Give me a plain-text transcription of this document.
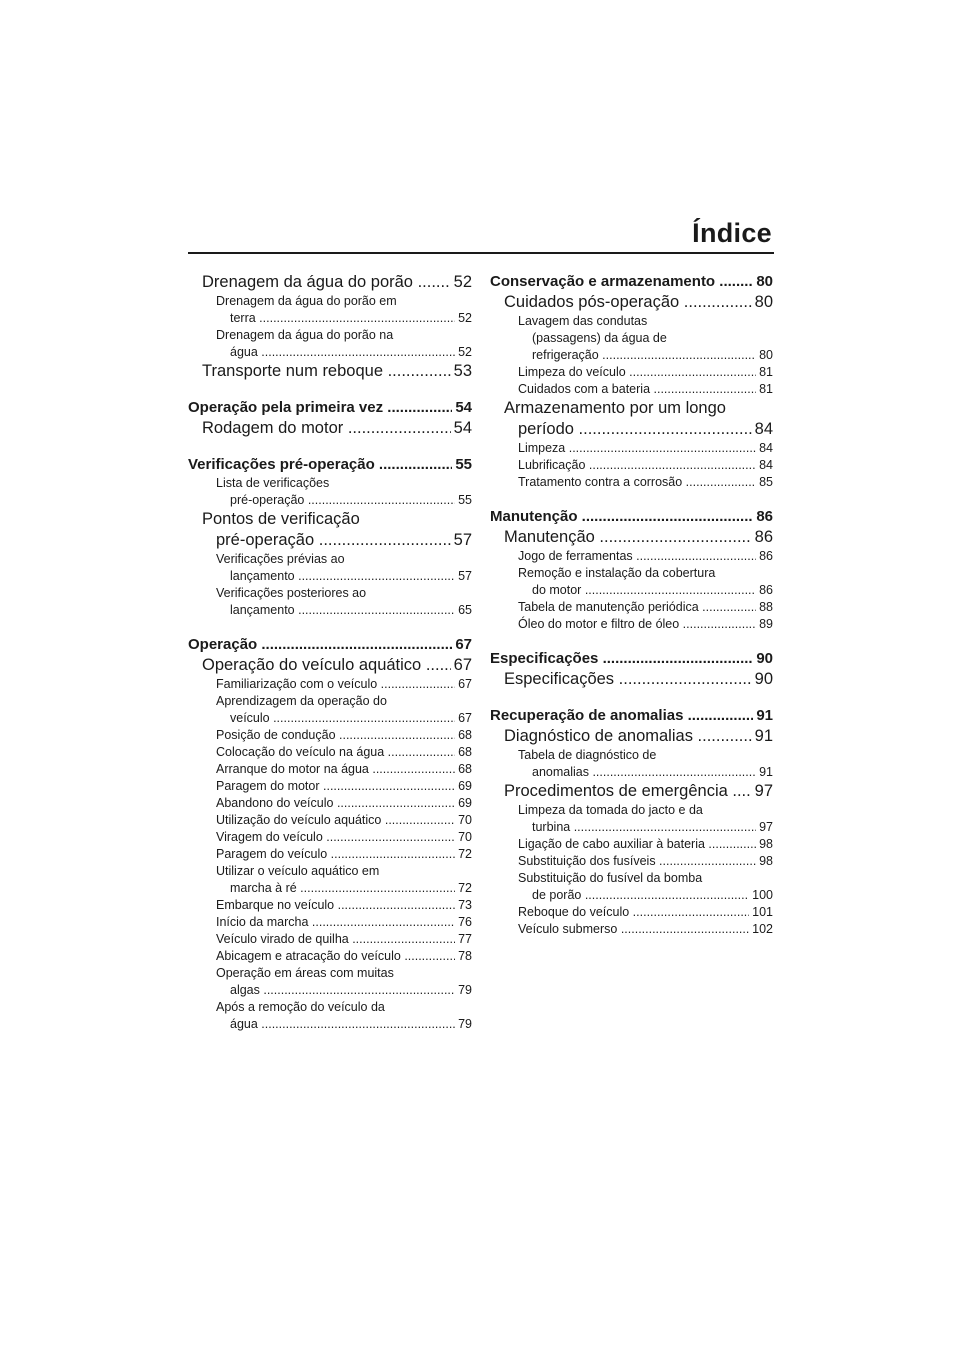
Índice
Drenagem da água do porão .....	52
Drenagem da água do porão em
terra .....	52
Drenagem da água do porão na
água .....	52
Transporte num reboque .....	53
Operação pela primeira vez .....	54
Rodagem do motor .....	54
Verificações pré-operação .....	55
Lista de verificações
pré-operação .....	55
Pontos de verificação
pré-operação .....	57
Verificações prévias ao
lançamento .....	57
Verificações posteriores ao
lançamento .....	65
Operação .....	67
Operação do veículo aquático .....	67
Familiarização com o veículo .....	67
Aprendizagem da operação do
veículo .....	67
Posição de condução .....	68
Colocação do veículo na água .....	68
Arranque do motor na água .....	68
Paragem do motor .....	69
Abandono do veículo .....	69
Utilização do veículo aquático .....	70
Viragem do veículo .....	70
Paragem do veículo .....	72
Utilizar o veículo aquático em
marcha à ré .....	72
Embarque no veículo .....	73
Início da marcha .....	76
Veículo virado de quilha .....	77
Abicagem e atracação do veículo .....	78
Operação em áreas com muitas
algas .....	79
Após a remoção do veículo da
água .....	79
Conservação e armazenamento .....	80
Cuidados pós-operação .....	80
Lavagem das condutas
(passagens) da água de
refrigeração .....	80
Limpeza do veículo .....	81
Cuidados com a bateria .....	81
Armazenamento por um longo
período .....	84
Limpeza .....	84
Lubrificação .....	84
Tratamento contra a corrosão .....	85
Manutenção .....	86
Manutenção .....	86
Jogo de ferramentas .....	86
Remoção e instalação da cobertura
do motor .....	86
Tabela de manutenção periódica .....	88
Óleo do motor e filtro de óleo .....	89
Especificações .....	90
Especificações .....	90
Recuperação de anomalias .....	91
Diagnóstico de anomalias .....	91
Tabela de diagnóstico de
anomalias .....	91
Procedimentos de emergência .....	97
Limpeza da tomada do jacto e da
turbina .....	97
Ligação de cabo auxiliar à bateria .....	98
Substituição dos fusíveis .....	98
Substituição do fusível da bomba
de porão .....	100
Reboque do veículo .....	101
Veículo submerso .....	102
